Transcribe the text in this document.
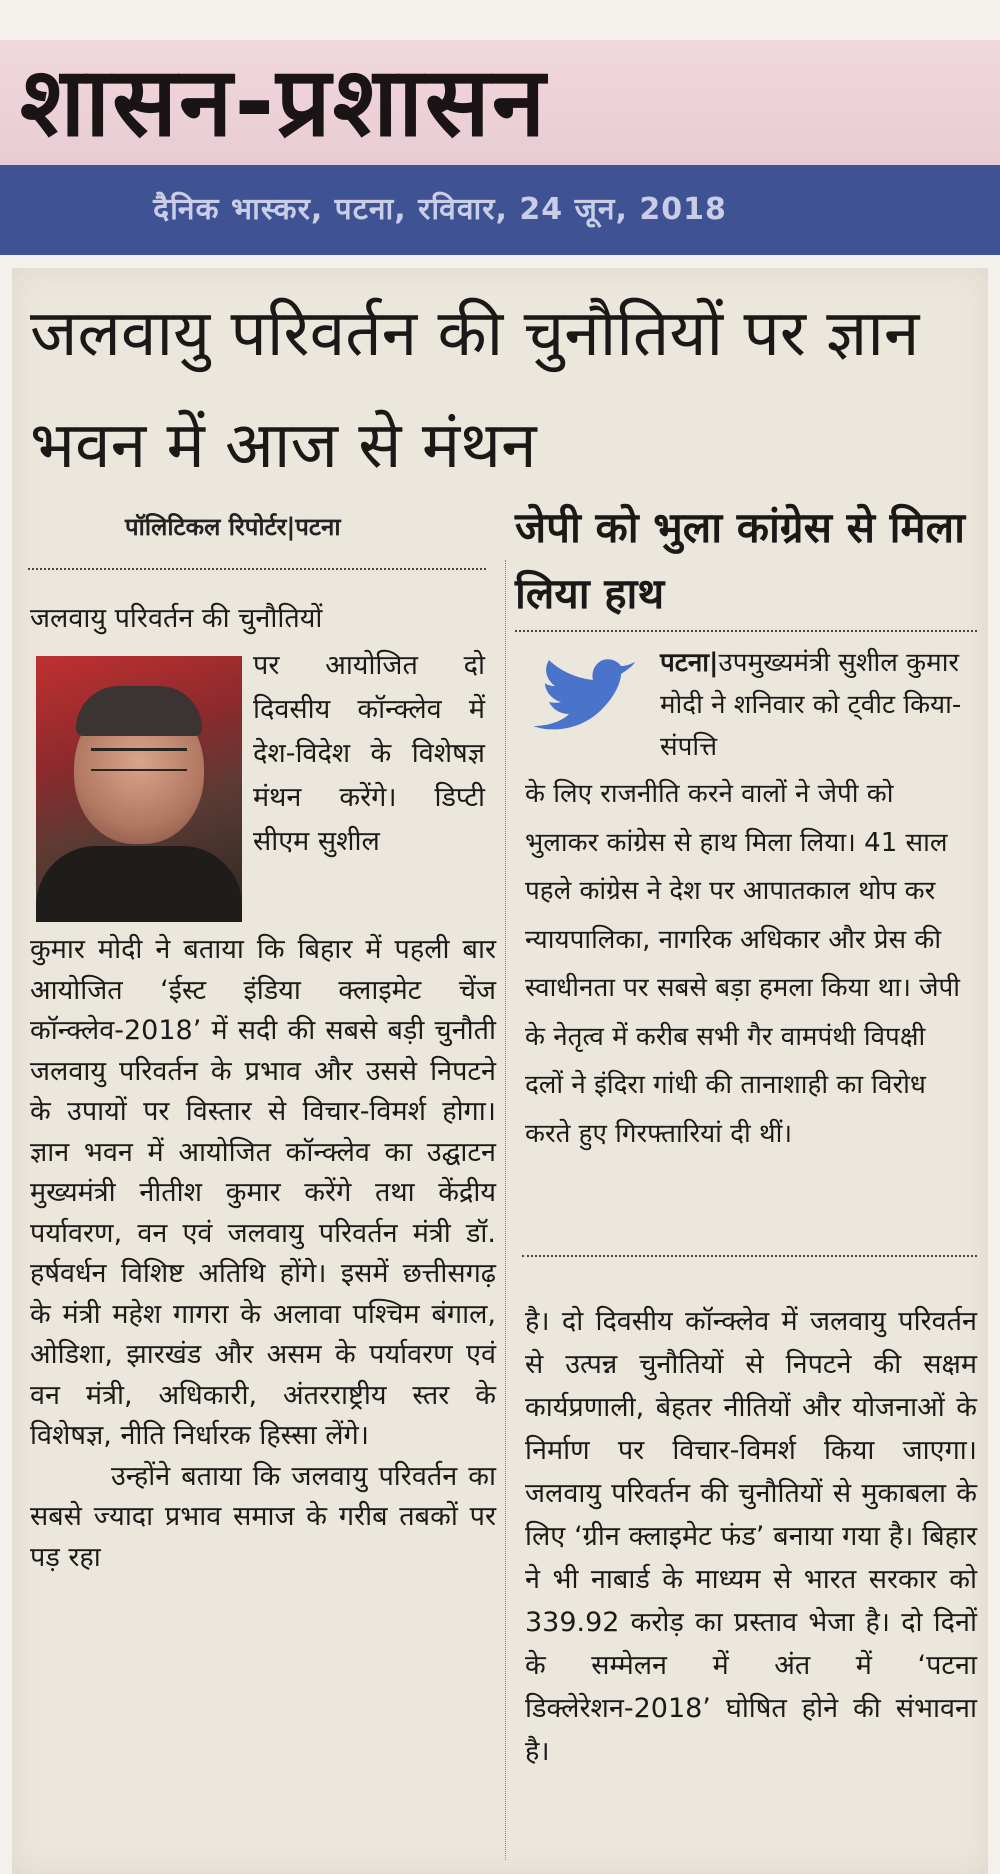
शासन-प्रशासन
दैनिक भास्कर, पटना, रविवार, 24 जून, 2018
जलवायु परिवर्तन की चुनौतियों पर ज्ञान भवन में आज से मंथन
पॉलिटिकल रिपोर्टर|पटना
जलवायु परिवर्तन की चुनौतियों
पर आयोजित दो दिवसीय कॉन्क्लेव में देश-विदेश के विशेषज्ञ मंथन करेंगे। डिप्टी सीएम सुशील
कुमार मोदी ने बताया कि बिहार में पहली बार आयोजित ‘ईस्ट इंडिया क्लाइमेट चेंज कॉन्क्लेव-2018’ में सदी की सबसे बड़ी चुनौती जलवायु परिवर्तन के प्रभाव और उससे निपटने के उपायों पर विस्तार से विचार-विमर्श होगा। ज्ञान भवन में आयोजित कॉन्क्लेव का उद्घाटन मुख्यमंत्री नीतीश कुमार करेंगे तथा केंद्रीय पर्यावरण, वन एवं जलवायु परिवर्तन मंत्री डॉ. हर्षवर्धन विशिष्ट अतिथि होंगे। इसमें छत्तीसगढ़ के मंत्री महेश गागरा के अलावा पश्चिम बंगाल, ओडिशा, झारखंड और असम के पर्यावरण एवं वन मंत्री, अधिकारी, अंतरराष्ट्रीय स्तर के विशेषज्ञ, नीति निर्धारक हिस्सा लेंगे।
उन्होंने बताया कि जलवायु परिवर्तन का सबसे ज्यादा प्रभाव समाज के गरीब तबकों पर पड़ रहा
जेपी को भुला कांग्रेस से मिला लिया हाथ
पटना|उपमुख्यमंत्री सुशील कुमार मोदी ने शनिवार को ट्वीट किया- संपत्ति
के लिए राजनीति करने वालों ने जेपी को भुलाकर कांग्रेस से हाथ मिला लिया। 41 साल पहले कांग्रेस ने देश पर आपातकाल थोप कर न्यायपालिका, नागरिक अधिकार और प्रेस की स्वाधीनता पर सबसे बड़ा हमला किया था। जेपी के नेतृत्व में करीब सभी गैर वामपंथी विपक्षी दलों ने इंदिरा गांधी की तानाशाही का विरोध करते हुए गिरफ्तारियां दी थीं।
है। दो दिवसीय कॉन्क्लेव में जलवायु परिवर्तन से उत्पन्न चुनौतियों से निपटने की सक्षम कार्यप्रणाली, बेहतर नीतियों और योजनाओं के निर्माण पर विचार-विमर्श किया जाएगा। जलवायु परिवर्तन की चुनौतियों से मुकाबला के लिए ‘ग्रीन क्लाइमेट फंड’ बनाया गया है। बिहार ने भी नाबार्ड के माध्यम से भारत सरकार को 339.92 करोड़ का प्रस्ताव भेजा है। दो दिनों के सम्मेलन में अंत में ‘पटना डिक्लेरेशन-2018’ घोषित होने की संभावना है।
